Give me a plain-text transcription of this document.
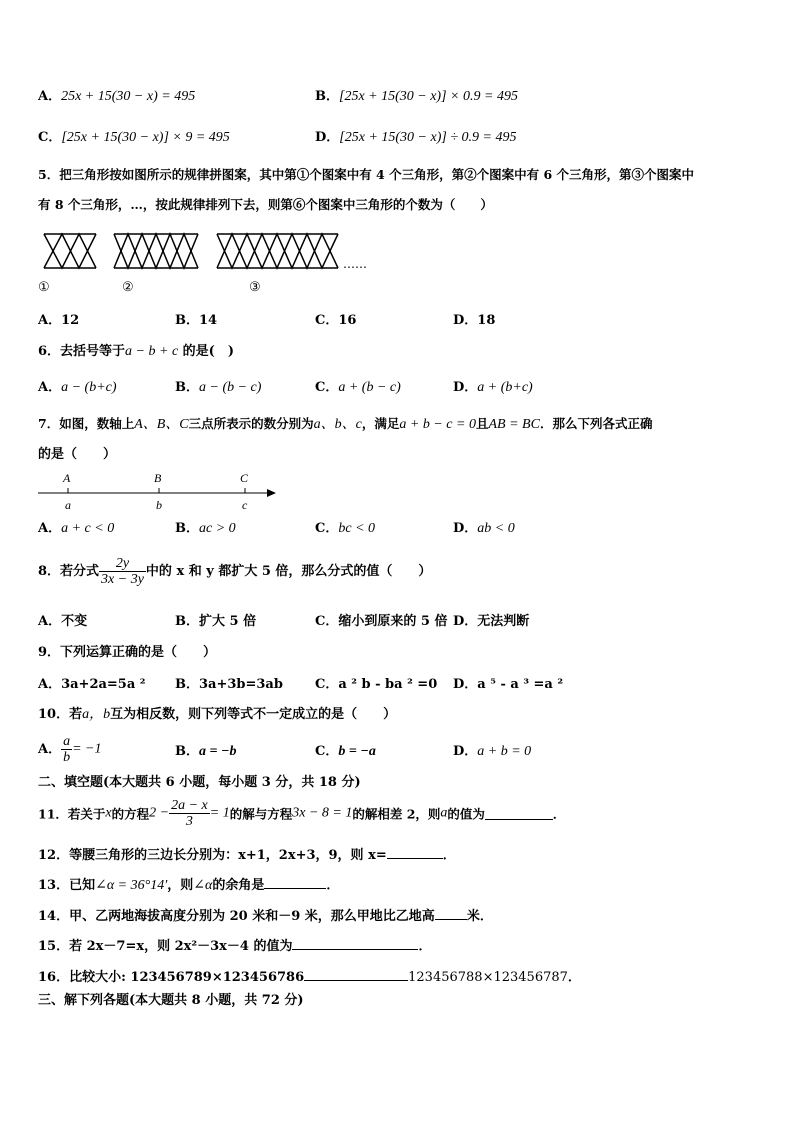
A．25x + 15(30 − x) = 495	B．[25x + 15(30 − x)] × 0.9 = 495
C．[25x + 15(30 − x)] × 9 = 495	D．[25x + 15(30 − x)] ÷ 0.9 = 495
5．把三角形按如图所示的规律拼图案，其中第①个图案中有 4 个三角形，第②个图案中有 6 个三角形，第③个图案中
有 8 个三角形，…，按此规律排列下去，则第⑥个图案中三角形的个数为（　　）
……
①	②	③
A．12	B．14	C．16	D．18
6．去括号等于a − b + c 的是(　)
A．a − (b+c)	B．a − (b − c)	C．a + (b − c)	D．a + (b+c)
7．如图，数轴上A、B、C三点所表示的数分别为a、b、c，满足a + b − c = 0且AB = BC．那么下列各式正确
的是（　　）
A	B	C
a	b	c
A．a + c < 0	B．ac > 0	C．bc < 0	D．ab < 0
8．若分式 $\frac{2y}{3x - 3y}$ 中的 x 和 y 都扩大 5 倍，那么分式的值（　　）
A．不变	B．扩大 5 倍	C．缩小到原来的 5 倍 D．无法判断
9．下列运算正确的是（　　）
A．3a+2a=5a ² B．3a+3b=3ab C．a ² b - ba ² =0 D．a ⁵ - a ³ =a ²
10．若a，b互为相反数，则下列等式不一定成立的是（　　）
A． $\frac{a}{b} = -1$	B．a = −b	C．b = −a	D．a + b = 0
二、填空题(本大题共 6 小题，每小题 3 分，共 18 分)
11．若关于x的方程$2 - \frac{2a - x}{3} = 1$的解与方程3x − 8 = 1的解相差 2，则a的值为	．
12．等腰三角形的三边长分别为：x+1，2x+3，9，则 x=	．
13．已知∠α = 36°14′，则∠α的余角是	．
14．甲、乙两地海拔高度分别为 20 米和－9 米，那么甲地比乙地高 米．
15．若 2x－7=x，则 2x²－3x－4 的值为	．
16．比较大小: 123456789×123456786	123456788×123456787．
三、解下列各题(本大题共 8 小题，共 72 分)
